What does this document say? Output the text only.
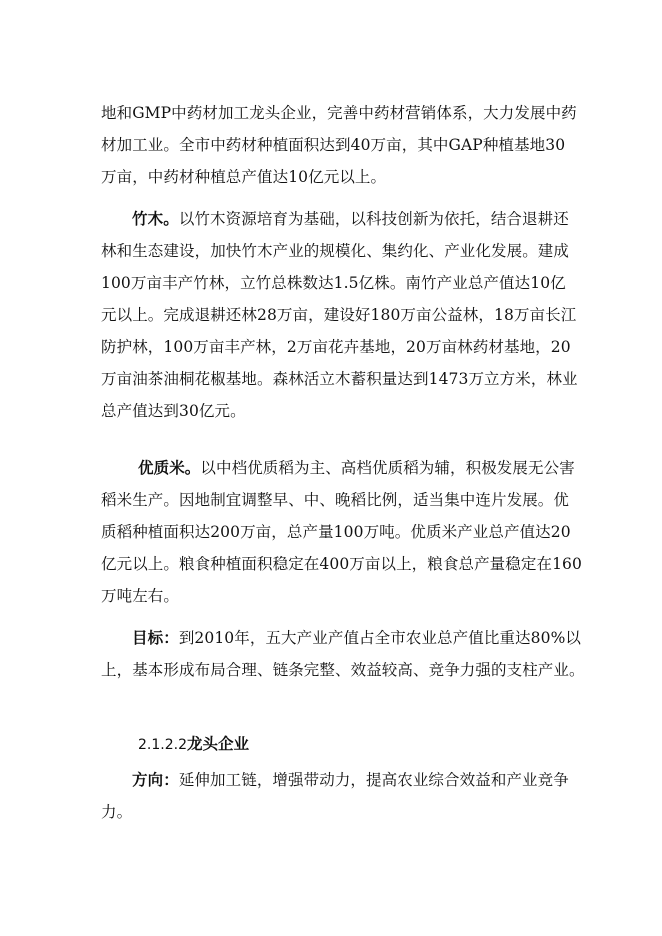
地和GMP中药材加工龙头企业，完善中药材营销体系，大力发展中药
材加工业。全市中药材种植面积达到40万亩，其中GAP种植基地30
万亩，中药材种植总产值达10亿元以上。
竹木。以竹木资源培育为基础，以科技创新为依托，结合退耕还
林和生态建设，加快竹木产业的规模化、集约化、产业化发展。建成
100万亩丰产竹林，立竹总株数达1.5亿株。南竹产业总产值达10亿
元以上。完成退耕还林28万亩，建设好180万亩公益林，18万亩长江
防护林，100万亩丰产林，2万亩花卉基地，20万亩林药材基地，20
万亩油茶油桐花椒基地。森林活立木蓄积量达到1473万立方米，林业
总产值达到30亿元。
优质米。以中档优质稻为主、高档优质稻为辅，积极发展无公害
稻米生产。因地制宜调整早、中、晚稻比例，适当集中连片发展。优
质稻种植面积达200万亩，总产量100万吨。优质米产业总产值达20
亿元以上。粮食种植面积稳定在400万亩以上，粮食总产量稳定在160
万吨左右。
目标：到2010年，五大产业产值占全市农业总产值比重达80%以
上，基本形成布局合理、链条完整、效益较高、竞争力强的支柱产业。
2.1.2.2龙头企业
方向：延伸加工链，增强带动力，提高农业综合效益和产业竞争
力。
